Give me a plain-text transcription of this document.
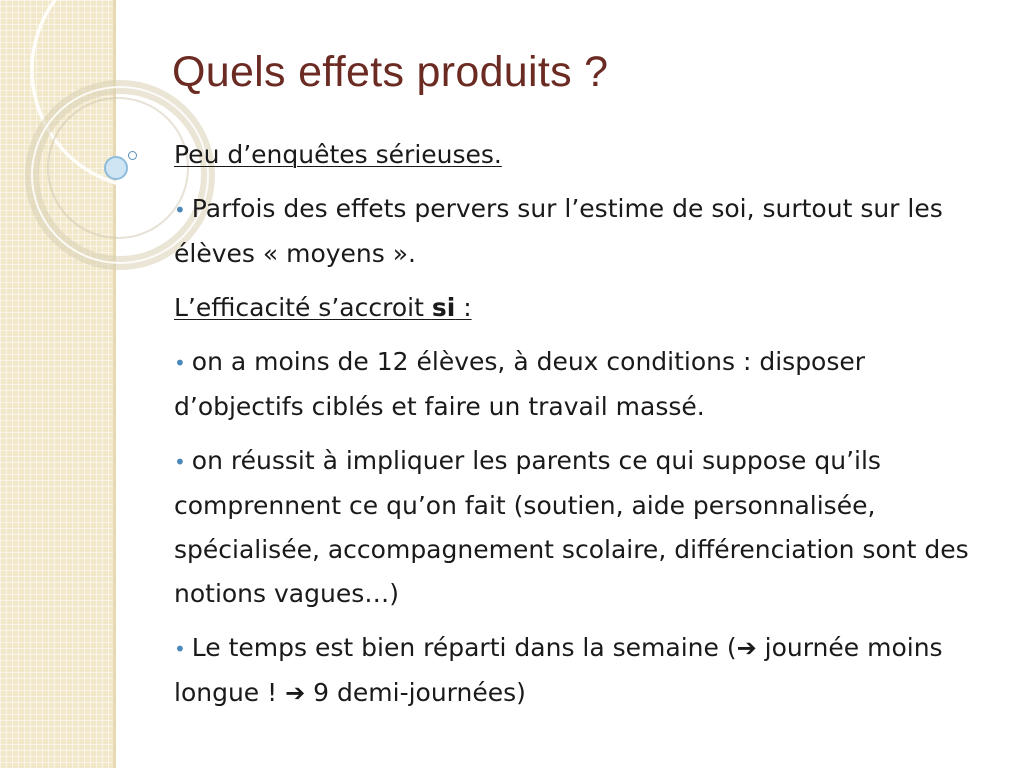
Quels effets produits ?

Peu d’enquêtes sérieuses.

• Parfois des effets pervers sur l’estime de soi, surtout sur les élèves « moyens ».

L’efficacité s’accroit si :

• on a moins de 12 élèves, à deux conditions : disposer d’objectifs ciblés et faire un travail massé.

• on réussit à impliquer les parents ce qui suppose qu’ils comprennent ce qu’on fait (soutien, aide personnalisée, spécialisée, accompagnement scolaire, différenciation sont des notions vagues…)

• Le temps est bien réparti dans la semaine (➔ journée moins longue ! ➔ 9 demi-journées)
